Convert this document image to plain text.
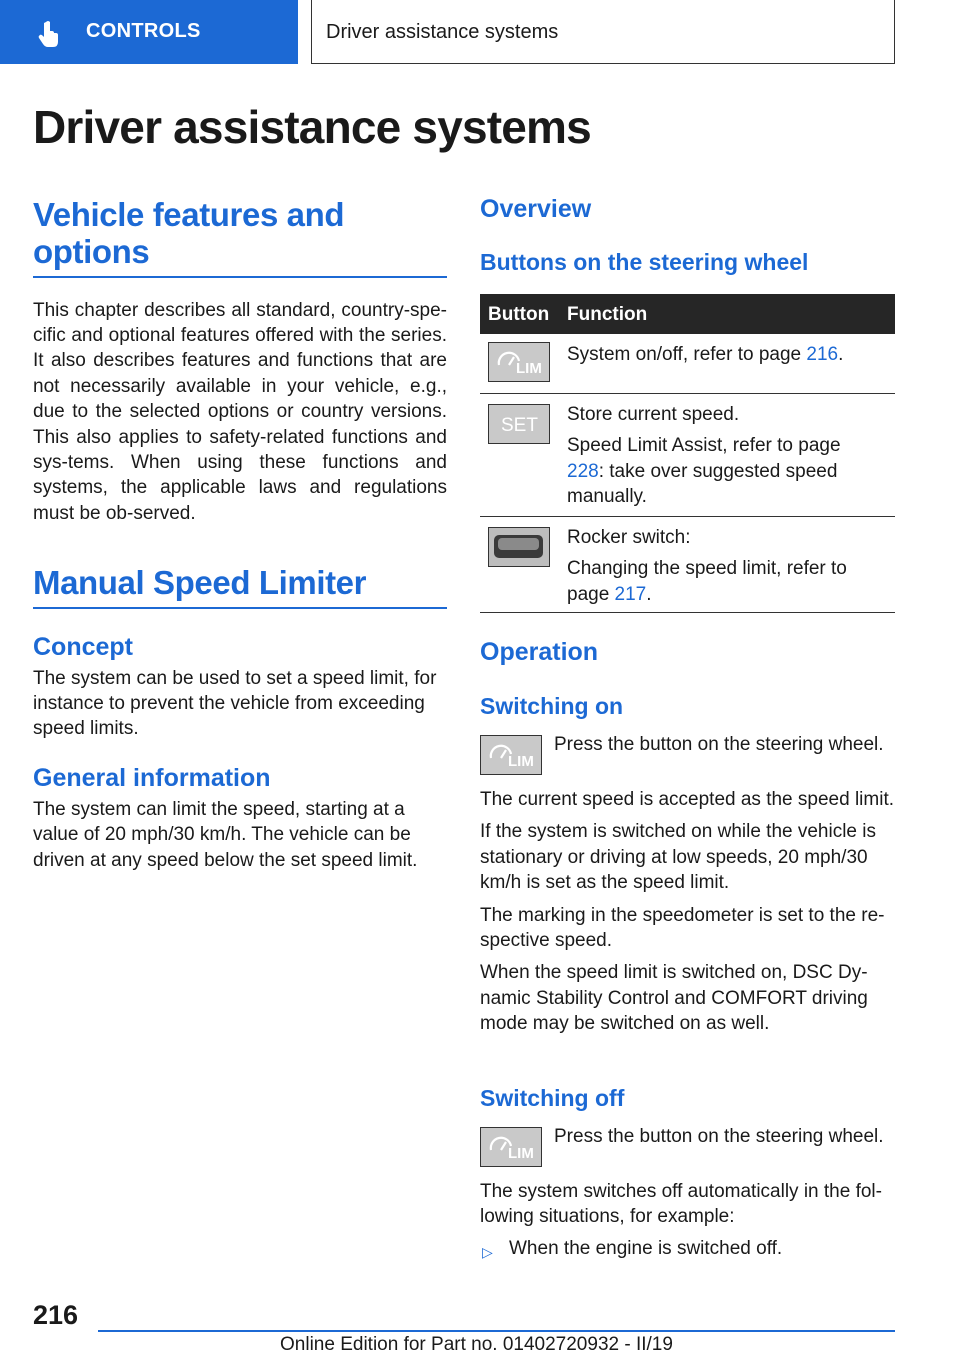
CONTROLS	Driver assistance systems
Driver assistance systems
Vehicle features and options

This chapter describes all standard, country-spe-cific and optional features offered with the series. It also describes features and functions that are not necessarily available in your vehicle, e.g., due to the selected options or country versions. This also applies to safety-related functions and sys-tems. When using these functions and systems, the applicable laws and regulations must be ob-served.

Manual Speed Limiter
Concept

The system can be used to set a speed limit, for instance to prevent the vehicle from exceeding speed limits.

General information

The system can limit the speed, starting at a value of 20 mph/30 km/h. The vehicle can be driven at any speed below the set speed limit.

Overview
Buttons on the steering wheel
Button Function
LIM

System on/off, refer to page 216.

SET

Store current speed.

Speed Limit Assist, refer to page 228: take over suggested speed manually.

Rocker switch:

Changing the speed limit, refer to page 217.

Operation
Switching on
LIM

Press the button on the steering wheel.

The current speed is accepted as the speed limit.

If the system is switched on while the vehicle is stationary or driving at low speeds, 20 mph/30 km/h is set as the speed limit.

The marking in the speedometer is set to the re-spective speed.

When the speed limit is switched on, DSC Dy-namic Stability Control and COMFORT driving mode may be switched on as well.

Switching off
LIM

Press the button on the steering wheel.

The system switches off automatically in the fol-lowing situations, for example:

▷ When the engine is switched off.
216
Online Edition for Part no. 01402720932 - II/19
